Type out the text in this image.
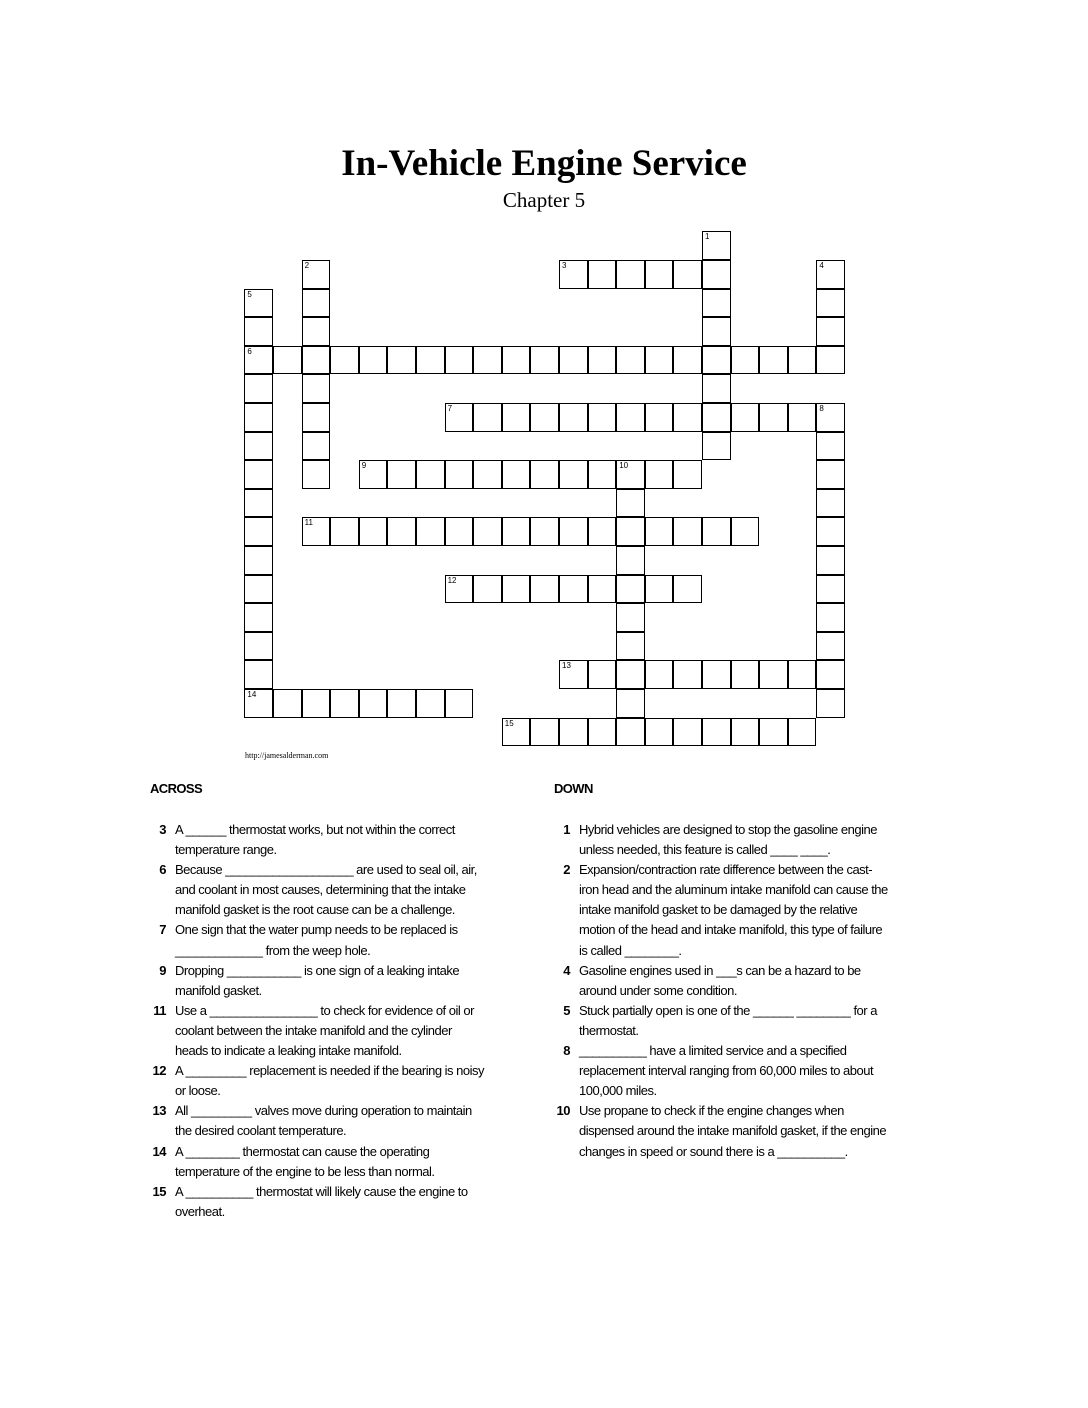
In-Vehicle Engine Service
Chapter 5
1
2	3	4
5
6
14
7	8
9	10
11
12
13
15
http://jamesalderman.com
ACROSS	DOWN
3 A ______ thermostat works, but not within the correct temperature range.
6 Because ___________________ are used to seal oil, air, and coolant in most causes, determining that the intake manifold gasket is the root cause can be a challenge.
7 One sign that the water pump needs to be replaced is _____________ from the weep hole.
9 Dropping ___________ is one sign of a leaking intake manifold gasket.
11 Use a ________________ to check for evidence of oil or coolant between the intake manifold and the cylinder heads to indicate a leaking intake manifold.
12 A _________ replacement is needed if the bearing is noisy or loose.
13 All _________ valves move during operation to maintain the desired coolant temperature.
14 A ________ thermostat can cause the operating temperature of the engine to be less than normal.
15 A __________ thermostat will likely cause the engine to overheat.
1 Hybrid vehicles are designed to stop the gasoline engine unless needed, this feature is called ____ ____.
2 Expansion/contraction rate difference between the cast-iron head and the aluminum intake manifold can cause the intake manifold gasket to be damaged by the relative motion of the head and intake manifold, this type of failure is called ________.
4 Gasoline engines used in ___s can be a hazard to be around under some condition.
5 Stuck partially open is one of the ______ ________ for a thermostat.
8 __________ have a limited service and a specified replacement interval ranging from 60,000 miles to about 100,000 miles.
10 Use propane to check if the engine changes when dispensed around the intake manifold gasket, if the engine changes in speed or sound there is a __________.
